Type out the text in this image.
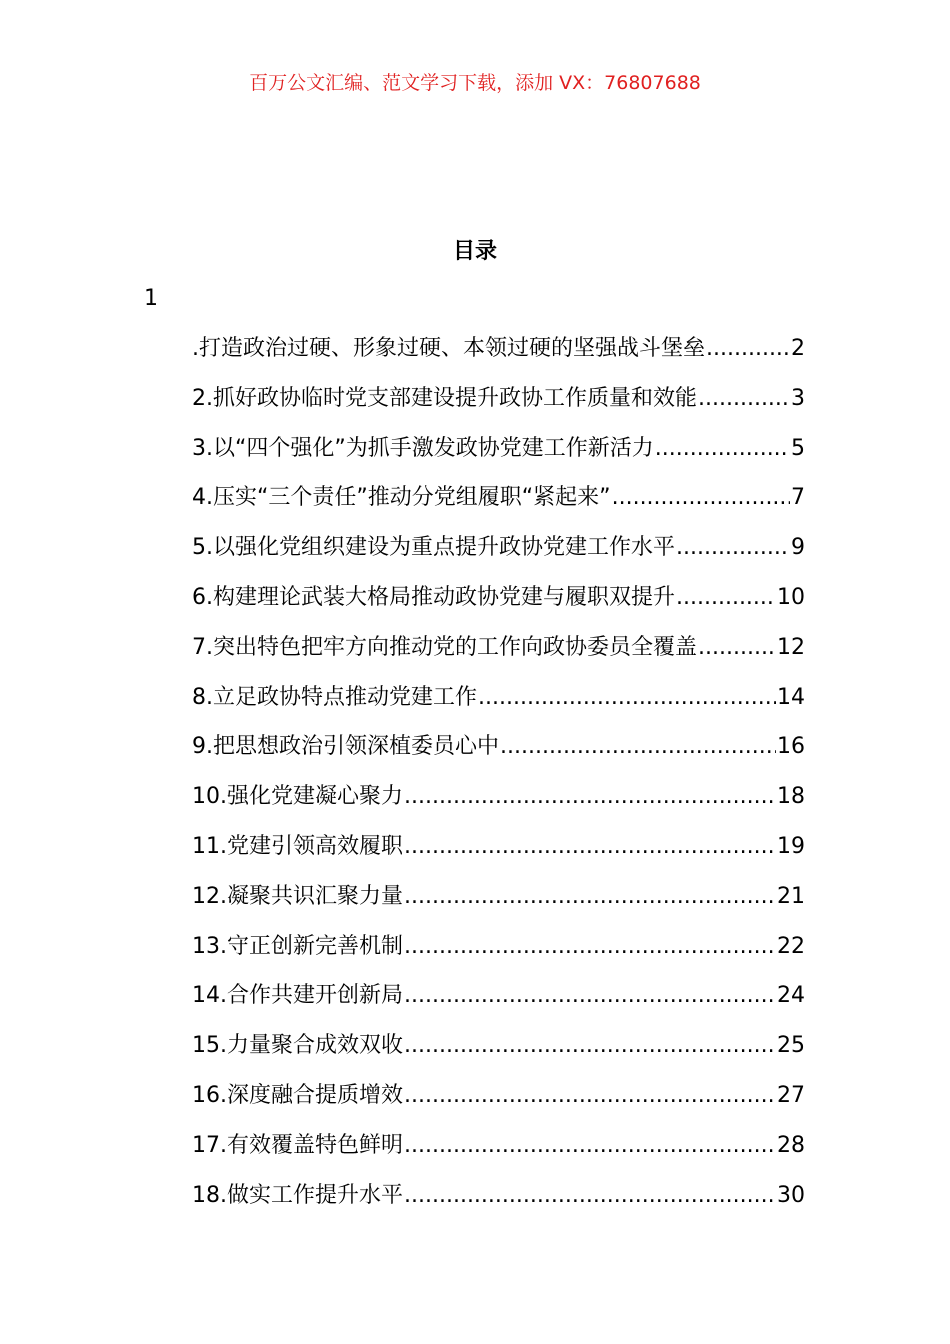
百万公文汇编、范文学习下载，添加 VX：76807688
目录
1
.打造政治过硬、形象过硬、本领过硬的坚强战斗堡垒 .....	2
2.抓好政协临时党支部建设提升政协工作质量和效能 .....	3
3.以“四个强化”为抓手激发政协党建工作新活力 .....	5
4.压实“三个责任”推动分党组履职“紧起来” .....	7
5.以强化党组织建设为重点提升政协党建工作水平 .....	9
6.构建理论武装大格局推动政协党建与履职双提升 .....	10
7.突出特色把牢方向推动党的工作向政协委员全覆盖 .....	12
8.立足政协特点推动党建工作 .....	14
9.把思想政治引领深植委员心中 .....	16
10.强化党建凝心聚力 .....	18
11.党建引领高效履职 .....	19
12.凝聚共识汇聚力量 .....	21
13.守正创新完善机制 .....	22
14.合作共建开创新局 .....	24
15.力量聚合成效双收 .....	25
16.深度融合提质增效 .....	27
17.有效覆盖特色鲜明 .....	28
18.做实工作提升水平 .....	30
